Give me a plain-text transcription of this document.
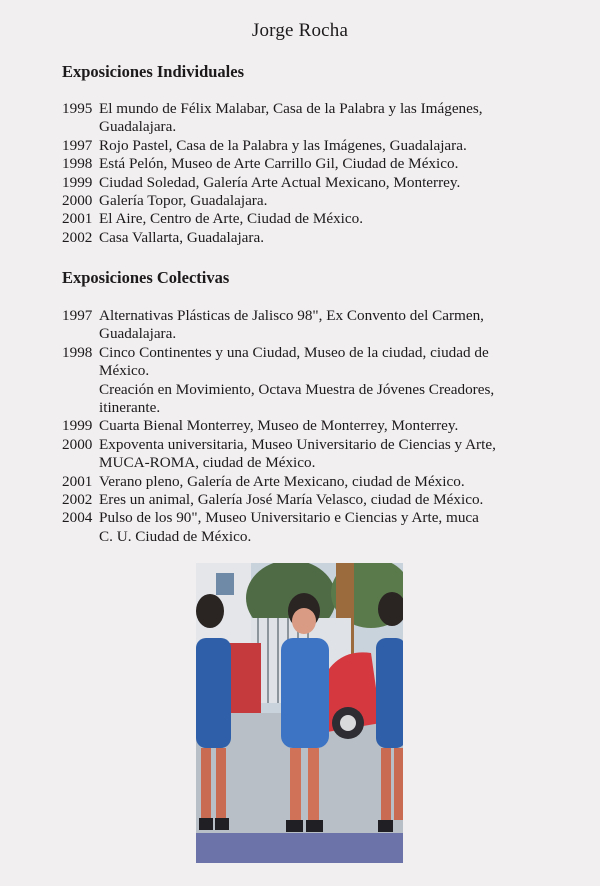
Jorge Rocha
Exposiciones Individuales
1995 El mundo de Félix Malabar, Casa de la Palabra y las Imágenes,
Guadalajara.
1997 Rojo Pastel, Casa de la Palabra y las Imágenes, Guadalajara.
1998 Está Pelón, Museo de Arte Carrillo Gil, Ciudad de México.
1999 Ciudad Soledad, Galería Arte Actual Mexicano, Monterrey.
2000 Galería Topor, Guadalajara.
2001 El Aire, Centro de Arte, Ciudad de México.
2002 Casa Vallarta, Guadalajara.
Exposiciones Colectivas
1997 Alternativas Plásticas de Jalisco 98", Ex Convento del Carmen,
Guadalajara.
1998 Cinco Continentes y una Ciudad, Museo de la ciudad, ciudad de
México.
Creación en Movimiento, Octava Muestra de Jóvenes Creadores,
itinerante.
1999 Cuarta Bienal Monterrey, Museo de Monterrey, Monterrey.
2000 Expoventa universitaria, Museo Universitario de Ciencias y Arte,
MUCA-ROMA, ciudad de México.
2001 Verano pleno, Galería de Arte Mexicano, ciudad de México.
2002 Eres un animal, Galería José María Velasco, ciudad de México.
2004 Pulso de los 90", Museo Universitario e Ciencias y Arte, muca
C. U. Ciudad de México.
